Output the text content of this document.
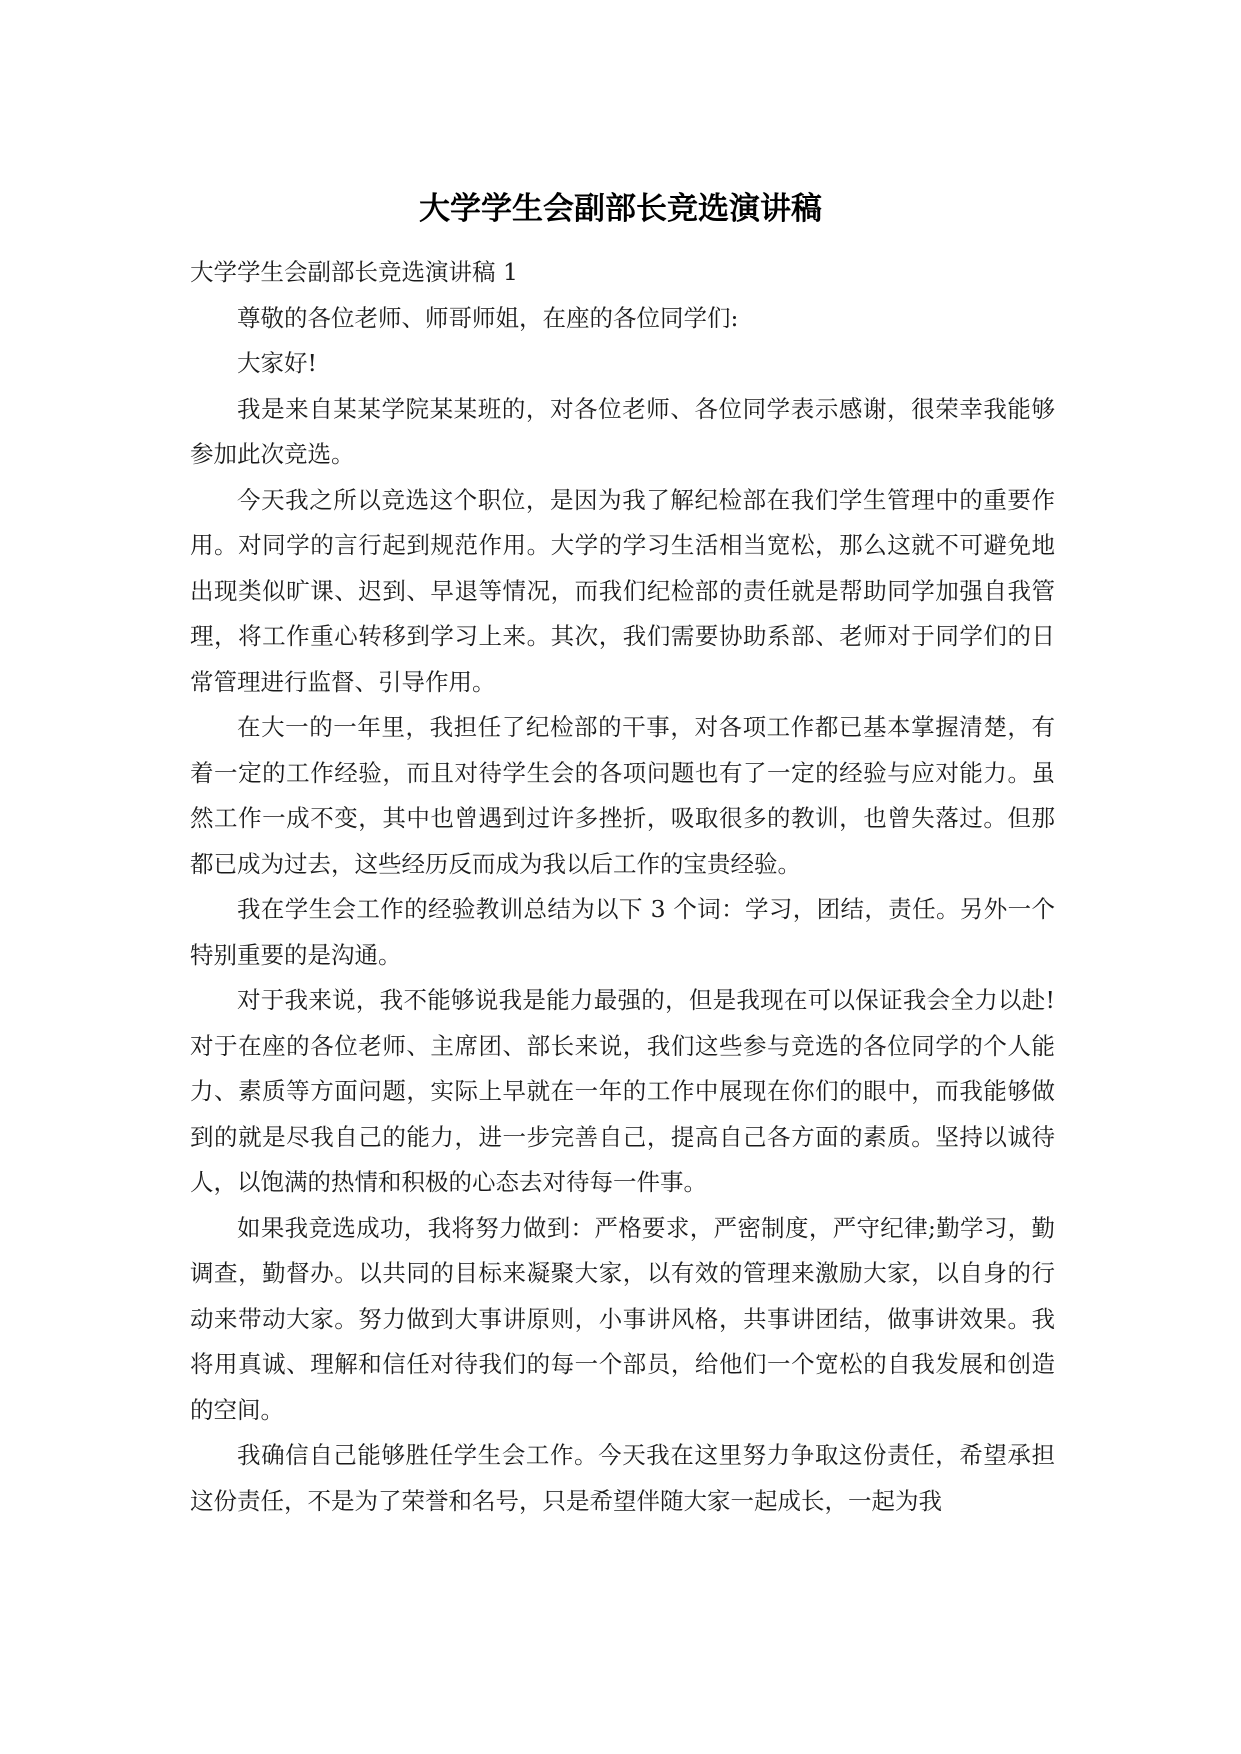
大学学生会副部长竞选演讲稿

大学学生会副部长竞选演讲稿 1

尊敬的各位老师、师哥师姐，在座的各位同学们:

大家好!

我是来自某某学院某某班的，对各位老师、各位同学表示感谢，很荣幸我能够参加此次竞选。

今天我之所以竞选这个职位，是因为我了解纪检部在我们学生管理中的重要作用。对同学的言行起到规范作用。大学的学习生活相当宽松，那么这就不可避免地出现类似旷课、迟到、早退等情况，而我们纪检部的责任就是帮助同学加强自我管理，将工作重心转移到学习上来。其次，我们需要协助系部、老师对于同学们的日常管理进行监督、引导作用。

在大一的一年里，我担任了纪检部的干事，对各项工作都已基本掌握清楚，有着一定的工作经验，而且对待学生会的各项问题也有了一定的经验与应对能力。虽然工作一成不变，其中也曾遇到过许多挫折，吸取很多的教训，也曾失落过。但那都已成为过去，这些经历反而成为我以后工作的宝贵经验。

我在学生会工作的经验教训总结为以下 3 个词：学习，团结，责任。另外一个特别重要的是沟通。

对于我来说，我不能够说我是能力最强的，但是我现在可以保证我会全力以赴!对于在座的各位老师、主席团、部长来说，我们这些参与竞选的各位同学的个人能力、素质等方面问题，实际上早就在一年的工作中展现在你们的眼中，而我能够做到的就是尽我自己的能力，进一步完善自己，提高自己各方面的素质。坚持以诚待人，以饱满的热情和积极的心态去对待每一件事。

如果我竞选成功，我将努力做到：严格要求，严密制度，严守纪律;勤学习，勤调查，勤督办。以共同的目标来凝聚大家，以有效的管理来激励大家，以自身的行动来带动大家。努力做到大事讲原则，小事讲风格，共事讲团结，做事讲效果。我将用真诚、理解和信任对待我们的每一个部员，给他们一个宽松的自我发展和创造的空间。

我确信自己能够胜任学生会工作。今天我在这里努力争取这份责任，希望承担这份责任，不是为了荣誉和名号，只是希望伴随大家一起成长，一起为我
